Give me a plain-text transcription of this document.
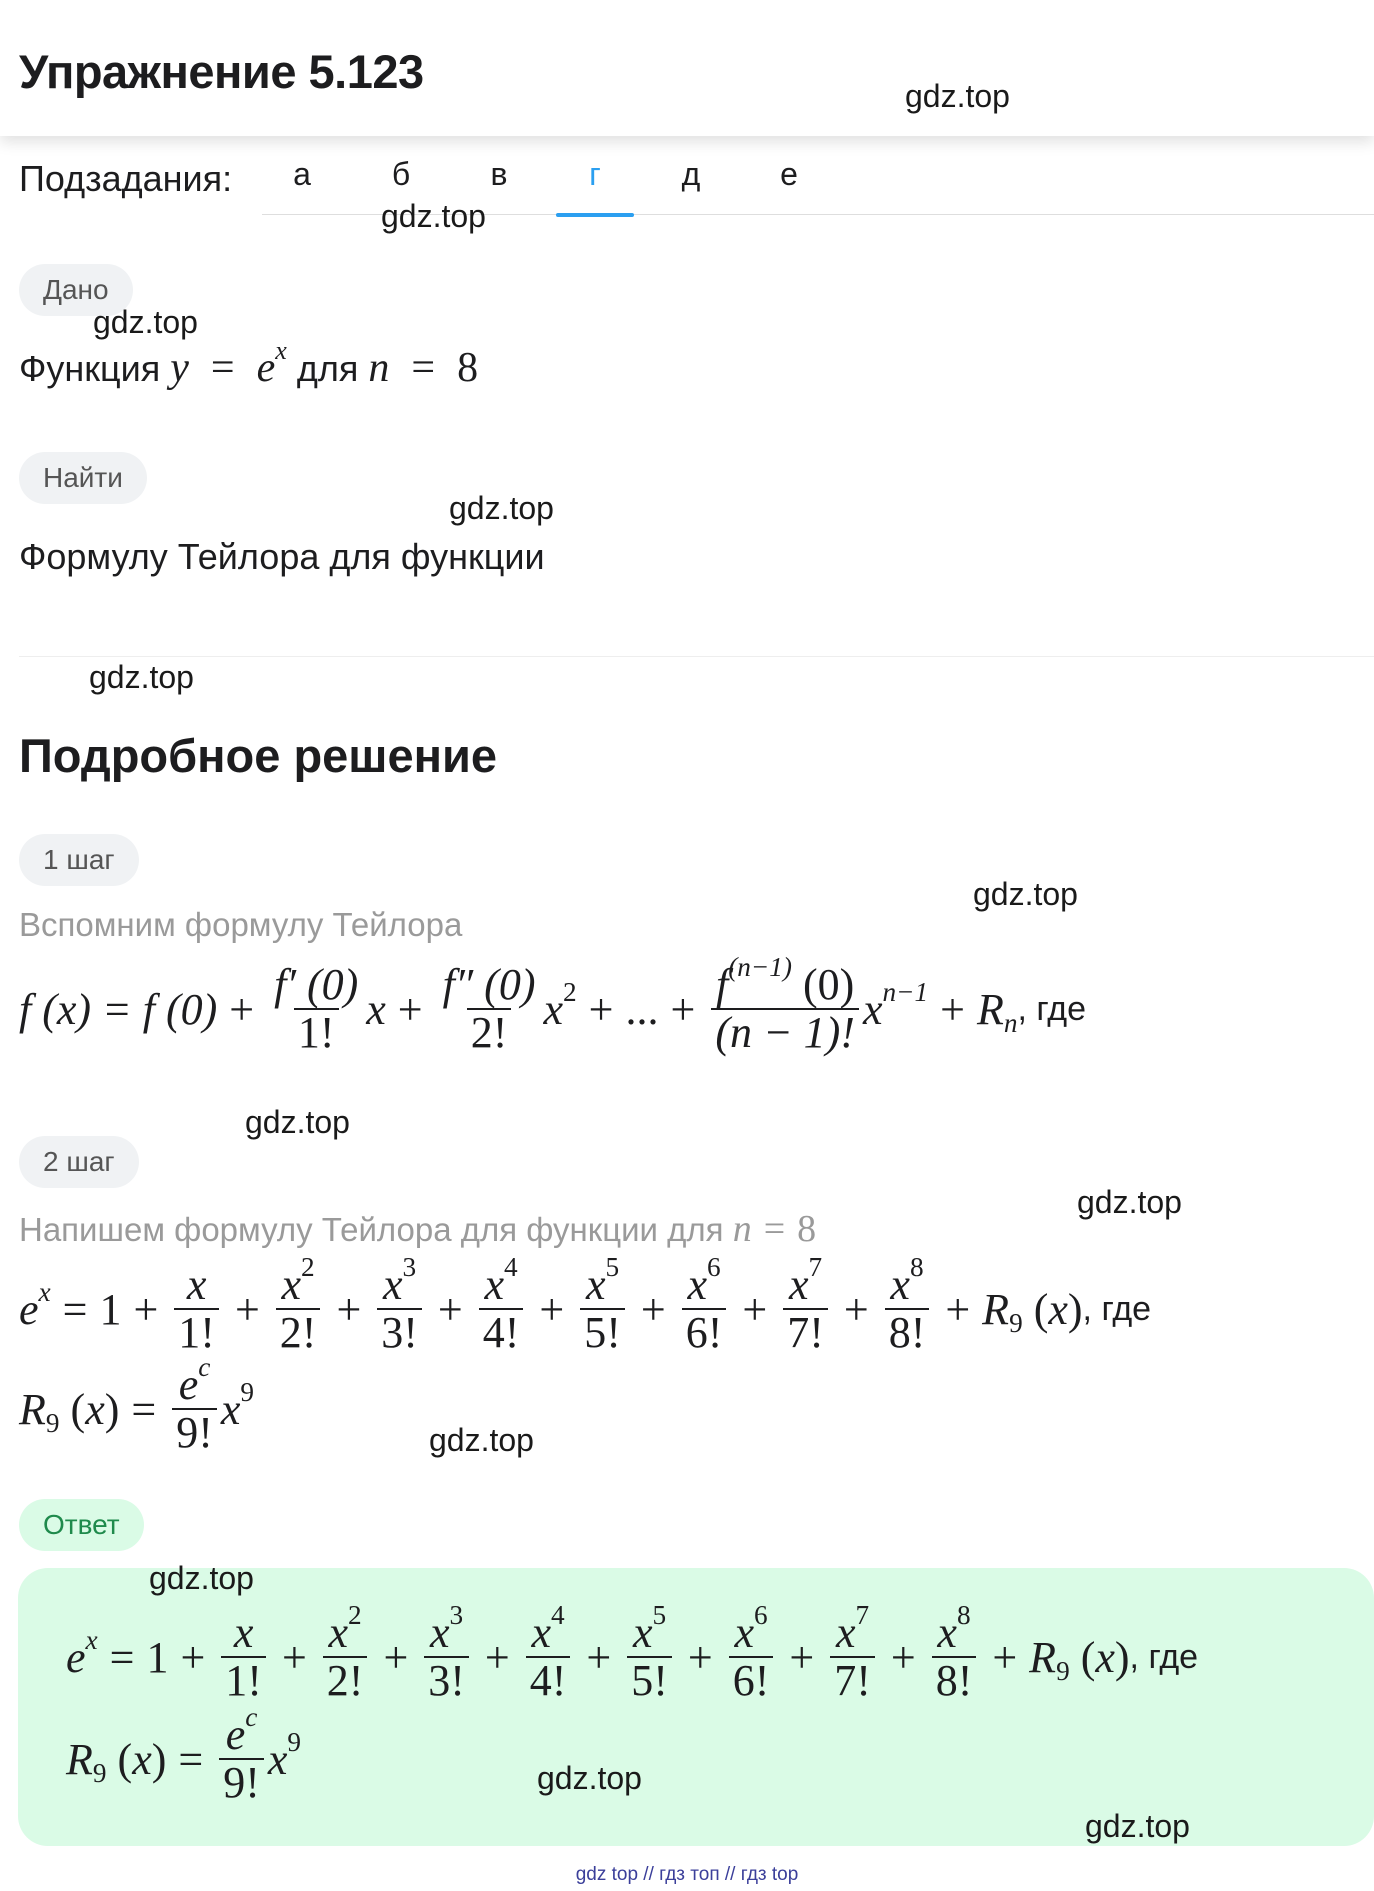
Упражнение 5.123
Подзадания:	а	б	в	г	д	е
Дано
Функция $y = e^x$ для n = 8
Найти
Формулу Тейлора для функции
Подробное решение
1 шаг
Вспомним формулу Тейлора
f (x) = f $(0) + \frac{f' (0)}{1!}$ $x + \frac{f'' (0)}{2!} x^2$ + ... + $\frac{f^{(n-1)} (0)}{(n - 1)!} x^{n-1} + R_n$ , где
2 шаг
Напишем формулу Тейлора для функции для n = 8
$e^x = 1 + \frac{x}{1!} + \frac{x^2}{2!} + \frac{x^3}{3!} + \frac{x^4}{4!} + \frac{x^5}{5!} + \frac{x^6}{6!} + \frac{x^7}{7!} + \frac{x^8}{8!} + R_9$ (x) , где
$R_9$ $(x) = \frac{e^c}{9!} x^9$
Ответ
$e^x = 1 + \frac{x}{1!} + \frac{x^2}{2!} + \frac{x^3}{3!} + \frac{x^4}{4!} + \frac{x^5}{5!} + \frac{x^6}{6!} + \frac{x^7}{7!} + \frac{x^8}{8!} + R_9$ (x) , где
$R_9$ $(x) = \frac{e^c}{9!} x^9$
gdz.top
gdz.top
gdz.top
gdz.top
gdz.top
gdz.top
gdz.top
gdz.top
gdz.top
gdz.top
gdz.top
gdz.top
gdz top // гдз топ // гдз top
